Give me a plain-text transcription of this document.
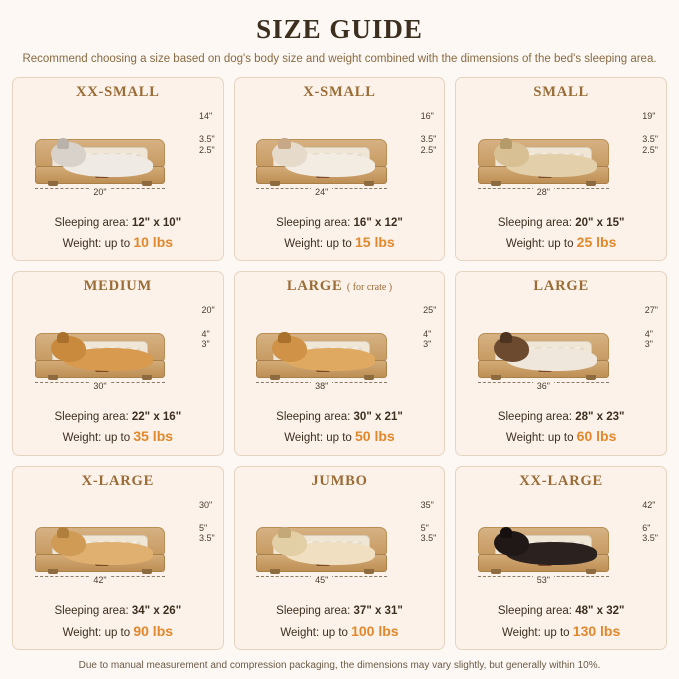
SIZE GUIDE
Recommend choosing a size based on dog's body size and weight combined with the dimensions of the bed's sleeping area.
XX-SMALL
14"
3.5"
2.5"
$^{20"}$
Sleeping area: 12" x 10"
Weight: up to 10 lbs
X-SMALL
16"
3.5"
2.5"
$^{24"}$
Sleeping area: 16" x 12"
Weight: up to 15 lbs
SMALL
19"
3.5"
2.5"
$^{28"}$
Sleeping area: 20" x 15"
Weight: up to 25 lbs
MEDIUM
20"
4"
3"
$^{30"}$
Sleeping area: 22" x 16"
Weight: up to 35 lbs
LARGE ( for crate )
25"
4"
3"
$^{38"}$
Sleeping area: 30" x 21"
Weight: up to 50 lbs
LARGE
27"
4"
3"
$^{36"}$
Sleeping area: 28" x 23"
Weight: up to 60 lbs
X-LARGE
30"
5"
3.5"
$^{42"}$
Sleeping area: 34" x 26"
Weight: up to 90 lbs
JUMBO
35"
5"
3.5"
$^{45"}$
Sleeping area: 37" x 31"
Weight: up to 100 lbs
XX-LARGE
42"
6"
3.5"
$^{53"}$
Sleeping area: 48" x 32"
Weight: up to 130 lbs
Due to manual measurement and compression packaging, the dimensions may vary slightly, but generally within 10%.
